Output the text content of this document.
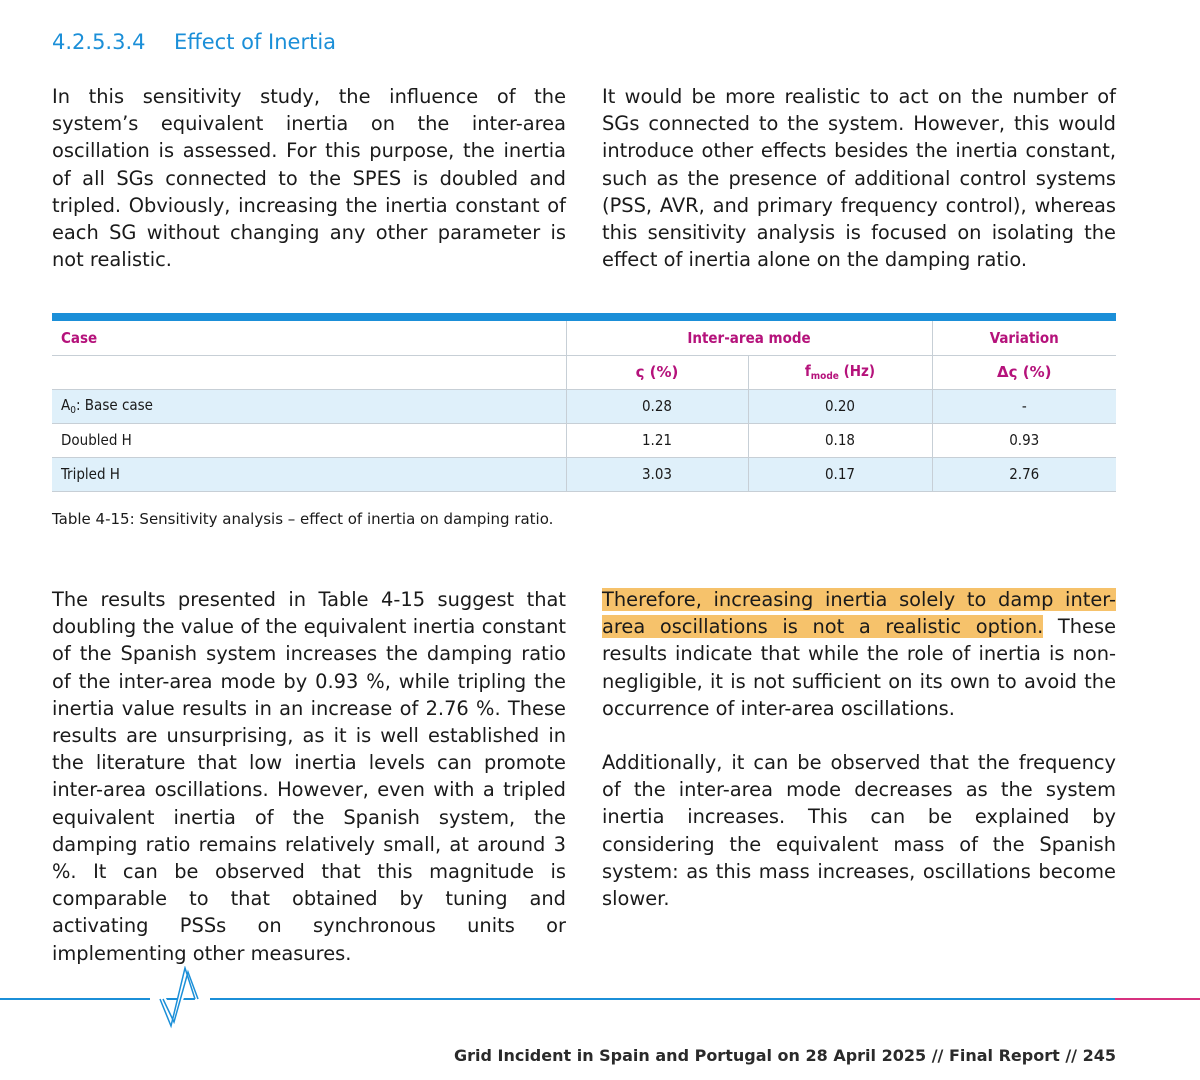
4.2.5.3.4	Effect of Inertia

In this sensitivity study, the influence of the system’s equivalent inertia on the inter-area oscillation is assessed. For this purpose, the inertia of all SGs connected to the SPES is doubled and tripled. Obviously, increasing the inertia constant of each SG without changing any other parameter is not realistic.

It would be more realistic to act on the number of SGs connected to the system. However, this would introduce other effects besides the inertia constant, such as the presence of additional control systems (PSS, AVR, and primary frequency control), whereas this sensitivity analysis is focused on isolating the effect of inertia alone on the damping ratio.

Case	Inter-area mode		Variation
	ς (%)	$f_{mode}$ (Hz)	Δς (%)
$A_0$: Base case	0.28	0.20	-
Doubled H	1.21	0.18	0.93
Tripled H	3.03	0.17	2.76
Table 4-15: Sensitivity analysis – effect of inertia on damping ratio.

The results presented in Table 4-15 suggest that doubling the value of the equivalent inertia constant of the Spanish system increases the damping ratio of the inter-area mode by 0.93 %, while tripling the inertia value results in an increase of 2.76 %. These results are unsurprising, as it is well established in the literature that low inertia levels can promote inter-area oscillations. However, even with a tripled equivalent inertia of the Spanish system, the damping ratio remains relatively small, at around 3 %. It can be observed that this magnitude is comparable to that obtained by tuning and activating PSSs on synchronous units or implementing other measures.

Therefore, increasing inertia solely to damp inter-area oscillations is not a realistic option. These results indicate that while the role of inertia is non-negligible, it is not sufficient on its own to avoid the occurrence of inter-area oscillations.

Additionally, it can be observed that the frequency of the inter-area mode decreases as the system inertia increases. This can be explained by considering the equivalent mass of the Spanish system: as this mass increases, oscillations become slower.

Grid Incident in Spain and Portugal on 28 April 2025 // Final Report // 245
